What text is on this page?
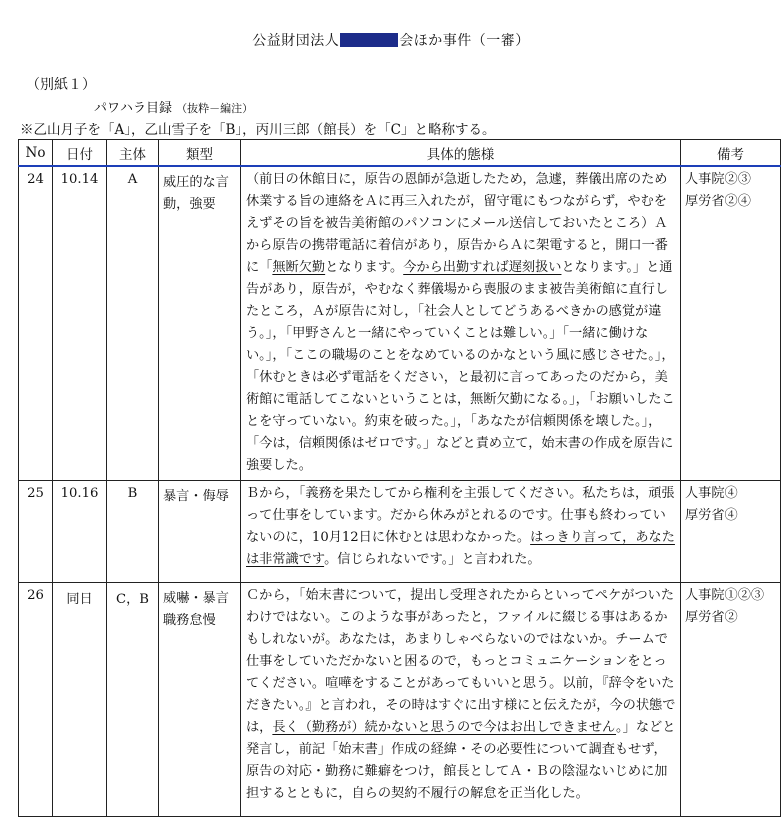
公益財団法人	会ほか事件（一審）
（別紙１）
パワハラ目録 （抜粋－編注）
※乙山月子を「A」，乙山雪子を「B」，丙川三郎（館長）を「C」と略称する。
No	日付	主体	類型	具体的態様	備考
24	10.14	A	威圧的な言動，強要	（前日の休館日に，原告の恩師が急逝したため，急遽，葬儀出席のため休業する旨の連絡をＡに再三入れたが，留守電にもつながらず，やむをえずその旨を被告美術館のパソコンにメール送信しておいたところ）Ａから原告の携帯電話に着信があり，原告からＡに架電すると，開口一番に「無断欠勤となります。今から出勤すれば遅刻扱いとなります。」と通告があり，原告が，やむなく葬儀場から喪服のまま被告美術館に直行したところ，Ａが原告に対し，「社会人としてどうあるべきかの感覚が違う。」，「甲野さんと一緒にやっていくことは難しい。」「一緒に働けない。」，「ここの職場のことをなめているのかなという風に感じさせた。」，「休むときは必ず電話をください，と最初に言ってあったのだから，美術館に電話してこないということは，無断欠勤になる。」，「お願いしたことを守っていない。約束を破った。」，「あなたが信頼関係を壊した。」，「今は，信頼関係はゼロです。」などと責め立て，始末書の作成を原告に強要した。	人事院②③
厚労省②④

25	10.16	B	暴言・侮辱	Ｂから，「義務を果たしてから権利を主張してください。私たちは，頑張って仕事をしています。だから休みがとれるのです。仕事も終わっていないのに，10月12日に休むとは思わなかった。はっきり言って，あなたは非常識です。信じられないです。」と言われた。	人事院④
厚労省④

26	同日	C，B	威嚇・暴言職務怠慢	Ｃから，「始末書について，提出し受理されたからといってペケがついたわけではない。このような事があったと，ファイルに綴じる事はあるかもしれないが。あなたは，あまりしゃべらないのではないか。チームで仕事をしていただかないと困るので，もっとコミュニケーションをとってください。喧嘩をすることがあってもいいと思う。以前，『辞令をいただきたい。』と言われ，その時はすぐに出す様にと伝えたが，今の状態では，長く（勤務が）続かないと思うので今はお出しできません。」などと発言し，前記「始末書」作成の経緯・その必要性について調査もせず，原告の対応・勤務に難癖をつけ，館長としてＡ・Ｂの陰湿ないじめに加担するとともに，自らの契約不履行の解怠を正当化した。	人事院①②③
厚労省②
